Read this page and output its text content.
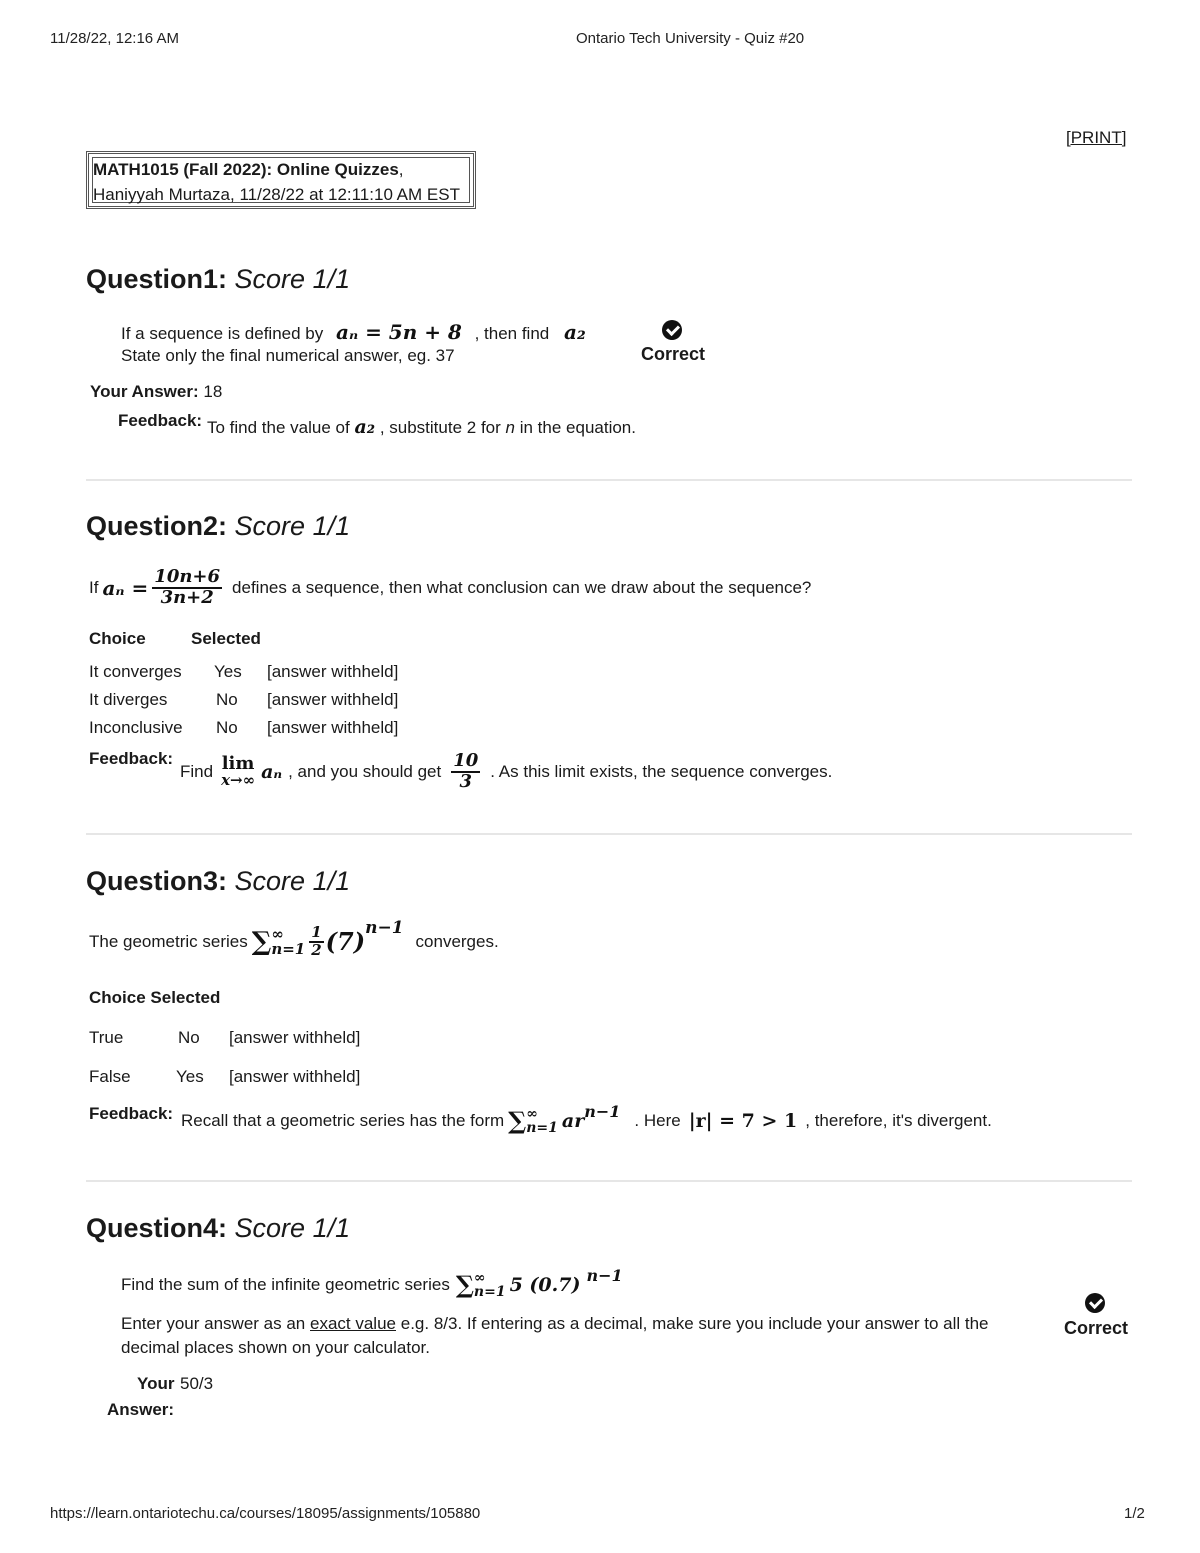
11/28/22, 12:16 AM	Ontario Tech University - Quiz #20
[PRINT]
MATH1015 (Fall 2022): Online Quizzes,
Haniyyah Murtaza, 11/28/22 at 12:11:10 AM EST
Question1: Score 1/1
If a sequence is defined by aₙ = 5n + 8 , then find a₂
State only the final numerical answer, eg. 37	Correct
Your Answer: 18
Feedback: To find the value of a₂ , substitute 2 for n in the equation.
Question2: Score 1/1
If $a_n = \frac{10n+6}{3n+2}$ defines a sequence, then what conclusion can we draw about the sequence?
Choice	Selected
It converges Yes [answer withheld]
It diverges	No [answer withheld]
Inconclusive No [answer withheld]
Feedback:
Find lim
x→∞ aₙ , and you should get $\frac{10}{3}$ . As this limit exists, the sequence converges.
Question3: Score 1/1
The geometric series ∑ ∞
$n=1 \frac{1}{2} (7)$ n−1
converges.
Choice Selected
True	No [answer withheld]
False	Yes [answer withheld]
Feedback: Recall that a geometric series has the form ∑ ∞
n=1 ar n−1 . Here |r| = 7 > 1 , therefore, it's divergent.
Question4: Score 1/1
Find the sum of the infinite geometric series ∑ ∞
n=1 5 (0.7) n−1
Enter your answer as an exact value e.g. 8/3. If entering as a decimal, make sure you include your answer to all the
decimal places shown on your calculator.
Correct
Your 50/3
Answer:
https://learn.ontariotechu.ca/courses/18095/assignments/105880	1/2
